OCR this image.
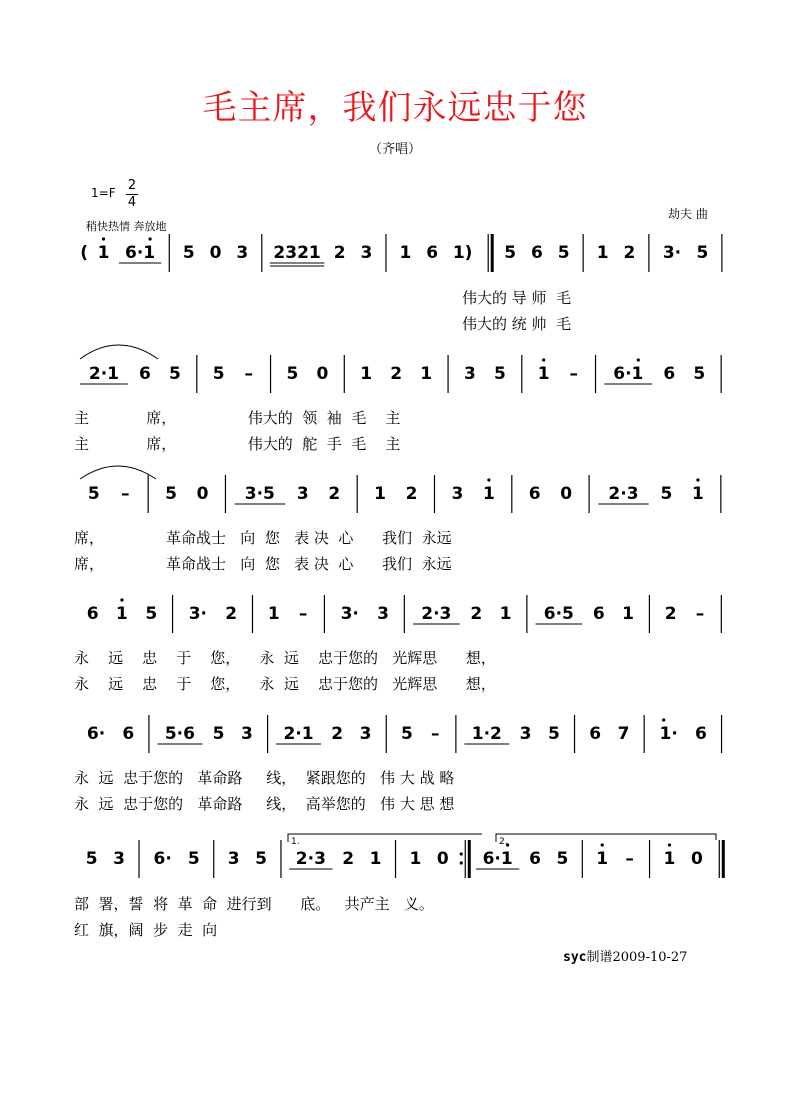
毛主席，我们永远忠于您
（齐唱）
1=F 2
4
稍快热情 奔放地
劫夫 曲
( 1 6·1 5 0 3 2321 2 3 1 6 1) 5 6 5 1 2 3· 5
2·1 6 5 5 – 5 0 1 2 1 3 5 1 – 6·1 6 5
5 – 5 0 3·5 3 2 1 2 3 1 6 0 2·3 5 1
6 1 5 3· 2 1 – 3· 3 2·3 2 1 6·5 6 1 2 –
6· 6 5·6 5 3 2·1 2 3 5 – 1·2 3 5 6 7 1· 6
5 3 6· 5 3 5 2·3 2 1 1 0 6·1 6 5 1 – 1 0
1.	2.
伟大的 导 师  毛
伟大的 统 帅  毛
主            席，               伟大的  领  袖  毛    主
主            席，               伟大的  舵  手  毛    主
席，             革命战士   向  您   表 决  心      我们  永远
席，             革命战士   向  您   表 决  心      我们  永远
永    远    忠    于    您，    永  远    忠于您的   光辉思      想，
永    远    忠    于    您，    永  远    忠于您的   光辉思      想，
永  远  忠于您的   革命路     线，  紧跟您的   伟 大 战 略
永  远  忠于您的   革命路     线，  高举您的   伟 大 思 想
部  署，誓  将  革  命  进行到      底。   共产主   义。
红  旗，阔  步  走  向
syc制谱2009-10-27
